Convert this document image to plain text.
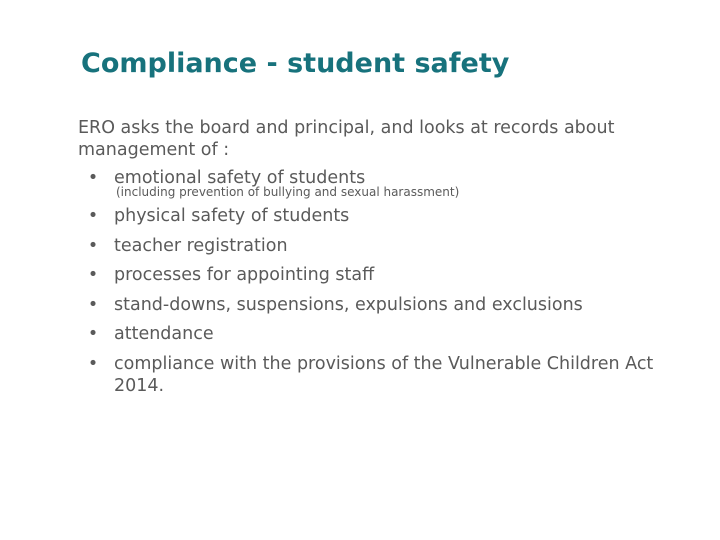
Compliance - student safety

ERO asks the board and principal, and looks at records about management of :

• emotional safety of students
(including prevention of bullying and sexual harassment)
• physical safety of students
• teacher registration
• processes for appointing staff
• stand-downs, suspensions, expulsions and exclusions
• attendance
• compliance with the provisions of the Vulnerable Children Act 2014.
